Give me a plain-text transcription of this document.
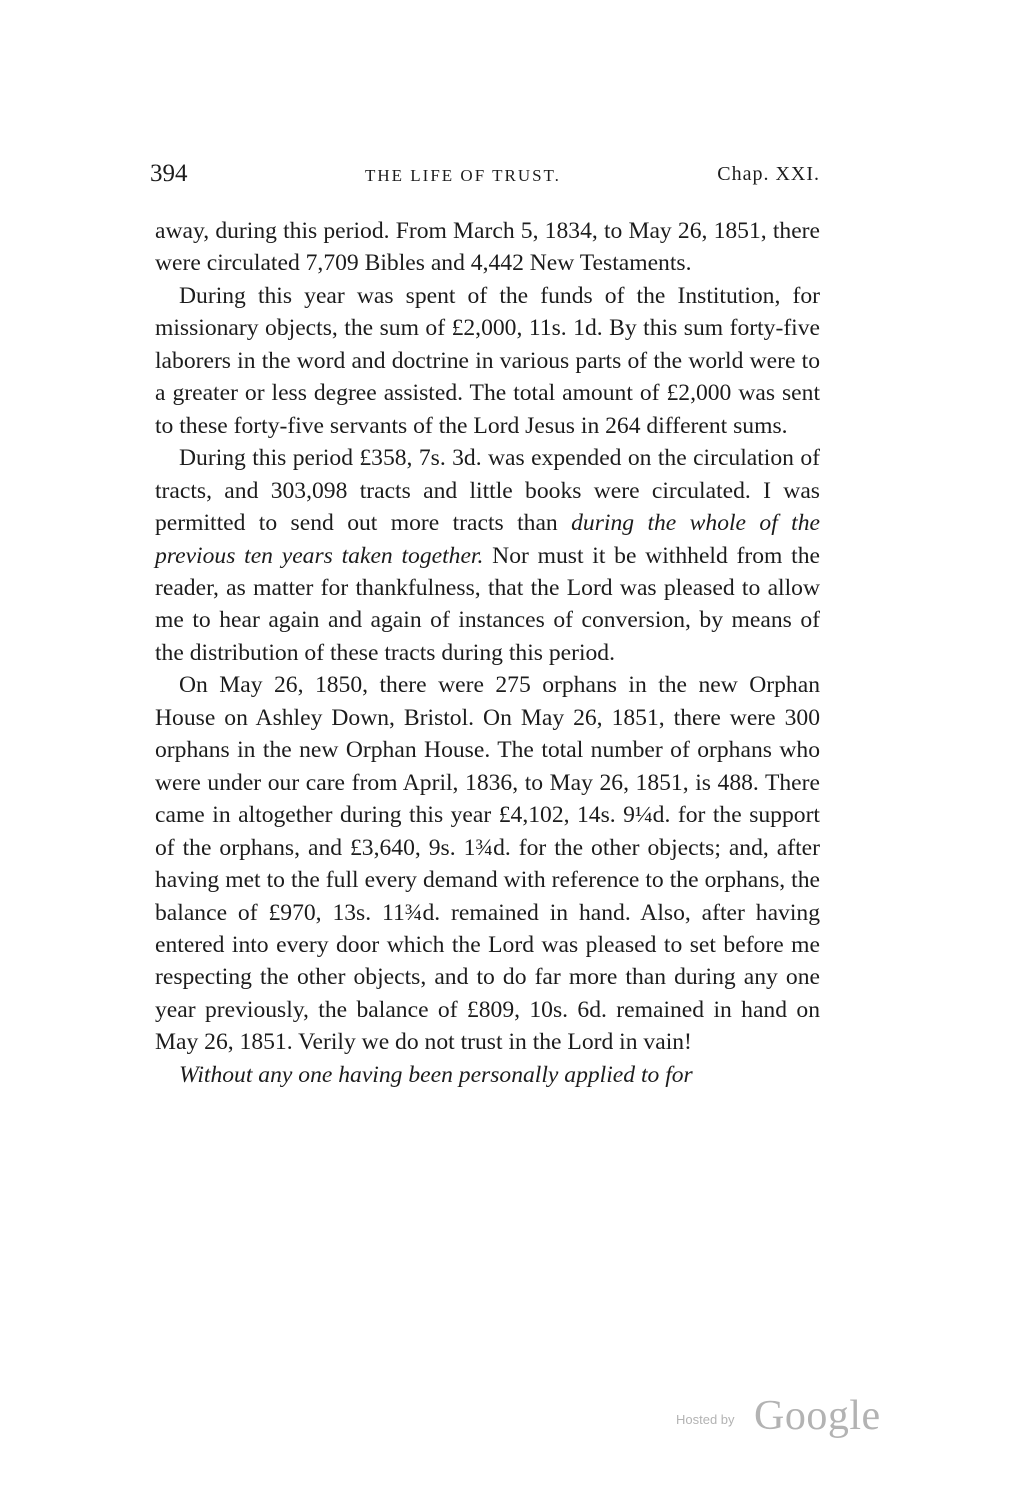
394	THE LIFE OF TRUST.	Chap. XXI.

away, during this period. From March 5, 1834, to May 26, 1851, there were circulated 7,709 Bibles and 4,442 New Testaments.

During this year was spent of the funds of the Institution, for missionary objects, the sum of £2,000, 11s. 1d. By this sum forty-five laborers in the word and doctrine in various parts of the world were to a greater or less degree assisted. The total amount of £2,000 was sent to these forty-five servants of the Lord Jesus in 264 different sums.

During this period £358, 7s. 3d. was expended on the circulation of tracts, and 303,098 tracts and little books were circulated. I was permitted to send out more tracts than during the whole of the previous ten years taken together. Nor must it be withheld from the reader, as matter for thankfulness, that the Lord was pleased to allow me to hear again and again of instances of conversion, by means of the distribution of these tracts during this period.

On May 26, 1850, there were 275 orphans in the new Orphan House on Ashley Down, Bristol. On May 26, 1851, there were 300 orphans in the new Orphan House. The total number of orphans who were under our care from April, 1836, to May 26, 1851, is 488. There came in altogether during this year £4,102, 14s. 9¼d. for the support of the orphans, and £3,640, 9s. 1¾d. for the other objects; and, after having met to the full every demand with reference to the orphans, the balance of £970, 13s. 11¾d. remained in hand. Also, after having entered into every door which the Lord was pleased to set before me respecting the other objects, and to do far more than during any one year previously, the balance of £809, 10s. 6d. remained in hand on May 26, 1851. Verily we do not trust in the Lord in vain!

Without any one having been personally applied to for

Hosted by Google
